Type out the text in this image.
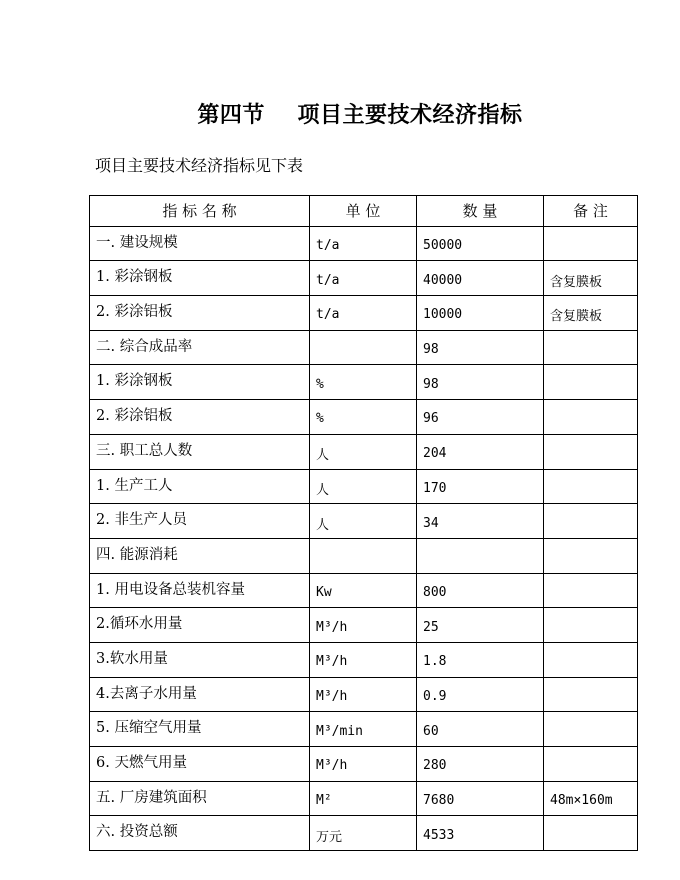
第四节    项目主要技术经济指标
项目主要技术经济指标见下表
指 标 名 称	单 位	数 量	备 注
一. 建设规模	t/a	50000	
1. 彩涂钢板	t/a	40000	含复膜板
2. 彩涂铝板	t/a	10000	含复膜板
二. 综合成品率		98	
1. 彩涂钢板	%	98	
2. 彩涂铝板	%	96	
三. 职工总人数	人	204	
1. 生产工人	人	170	
2. 非生产人员	人	34	
四. 能源消耗			
1. 用电设备总装机容量	Kw	800	
2.循环水用量	M³/h	25	
3.软水用量	M³/h	1.8	
4.去离子水用量	M³/h	0.9	
5. 压缩空气用量	M³/min	60	
6. 天燃气用量	M³/h	280	
五. 厂房建筑面积	M²	7680	48m×160m
六. 投资总额	万元	4533	
